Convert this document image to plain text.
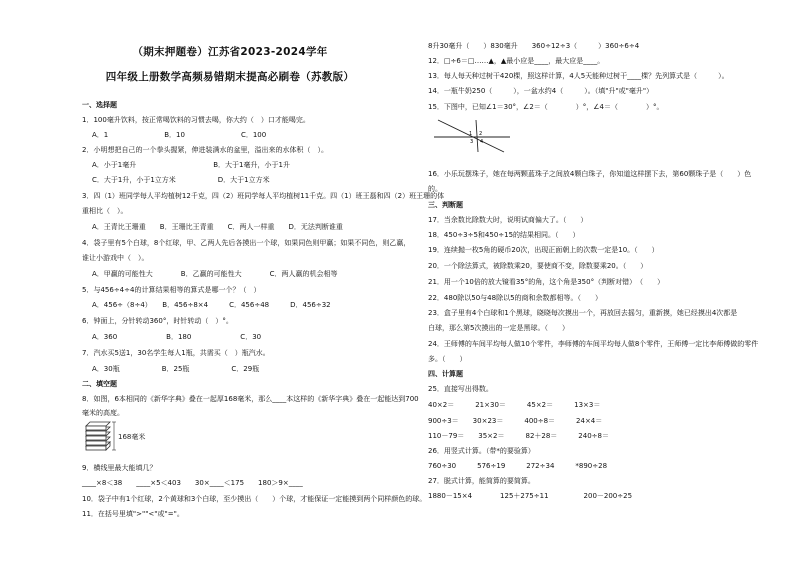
（期末押题卷）江苏省2023-2024学年
四年级上册数学高频易错期末提高必刷卷（苏教版）
一、选择题
1．100毫升饮料，按正常喝饮料的习惯去喝，你大约（　）口才能喝完。
A．1　　　　　　　　B．10　　　　　　　　C．100
2．小明想把自己的一个拳头握紧，伸进装满水的盆里，溢出来的水体积（　）。
A．小于1毫升　　　　　　　　　　　B．大于1毫升，小于1升
C．大于1升，小于1立方米　　　　　　D．大于1立方米
3．四（1）班同学每人平均植树12千克，四（2）班同学每人平均植树11千克。四（1）班王磊和四（2）班王珊的体
重相比（　）。
A．王青比王珊重　　B．王珊比王青重　　C．两人一样重　　D．无法判断谁重
4．袋子里有5个白球，8个红球，甲、乙两人先后各摸出一个球，如果同色则甲赢；如果不同色，则乙赢，
谁让小游戏中（　）。
A．甲赢的可能性大　　　　B．乙赢的可能性大　　　　C．两人赢的机会相等
5．与456÷4÷4的计算结果相等的算式是哪一个？（　）
A．456÷（8÷4）　　B．456÷8×4　　　C．456÷48　　　D．456÷32
6．钟面上，分针转动360°，时针转动（　）°。
A．360　　　　　　　B．180　　　　　　　C．30
7．汽水买5送1，30名学生每人1瓶，共需买（　）瓶汽水。
A．30瓶　　　　　　B．25瓶　　　　　　C．29瓶
二、填空题
8．如图，6本相同的《新华字典》叠在一起厚168毫米，那么____本这样的《新华字典》叠在一起能达到700
毫米的高度。
168毫米
9．横线里最大能填几？
____×8＜38　　____×5＜403　　30×____＜175　　180＞9×____
10．袋子中有1个红球，2个黄球和3个白球，至少摸出（　　）个球，才能保证一定能摸到两个同样颜色的球。
11．在括号里填">""<"或"="。
8升30毫升（　　）830毫升　　360÷12÷3（　　　）360÷6÷4
12．□÷6＝□……▲，▲最小应是____，最大应是____。
13．每人每天种过树干420棵，照这样计算，4人5天能种过树干____棵？先列算式是（　　　）。
14．一瓶牛奶250（　　　），一盆水约4（　　　）。（填"升"或"毫升"）
15．下图中，已知∠1＝30°，∠2＝（　　　　）°，∠4＝（　　　　）°。
1 2
3 4
16．小乐玩摆珠子，她在每两颗蓝珠子之间放4颗白珠子，你知道这样摆下去，第60颗珠子是（　　）色
的。
三、判断题
17．当余数比除数大时，说明试商偏大了。（　　）
18．450÷3÷5和450÷15的结果相同。（　　）
19．连续抛一枚5角的硬币20次，出现正面朝上的次数一定是10。（　　）
20．一个除法算式，被除数乘20，要使商不变，除数要乘20。（　　）
21．用一个10倍的放大镜看35°的角，这个角是350°（判断对错）　（　　）
22．480除以50与48除以5的商和余数都相等。（　　）
23．盒子里有4个白球和1个黑球，晓晓每次摸出一个，再放回去摇匀，重新摸，她已经摸出4次都是
白球，那么第5次摸出的一定是黑球。（　　）
24．王师傅的车间平均每人做10个零件，李师傅的车间平均每人做8个零件，王师傅一定比李师傅做的零件
多。（　　）
四、计算题
25．直接写出得数。
40×2＝　　　21×30＝　　　45×2＝　　　13×3＝
900÷3＝　　30×23＝　　　400÷8＝　　　24×4＝
110－79＝　　35×2＝　　　82＋28＝　　　240÷8＝
26．用竖式计算。（带*的要验算）
760÷30　　　576÷19　　　272÷34　　　*890÷28
27．脱式计算，能简算的要简算。
1880－15×4　　　　125＋275÷11　　　　　200－200÷25
